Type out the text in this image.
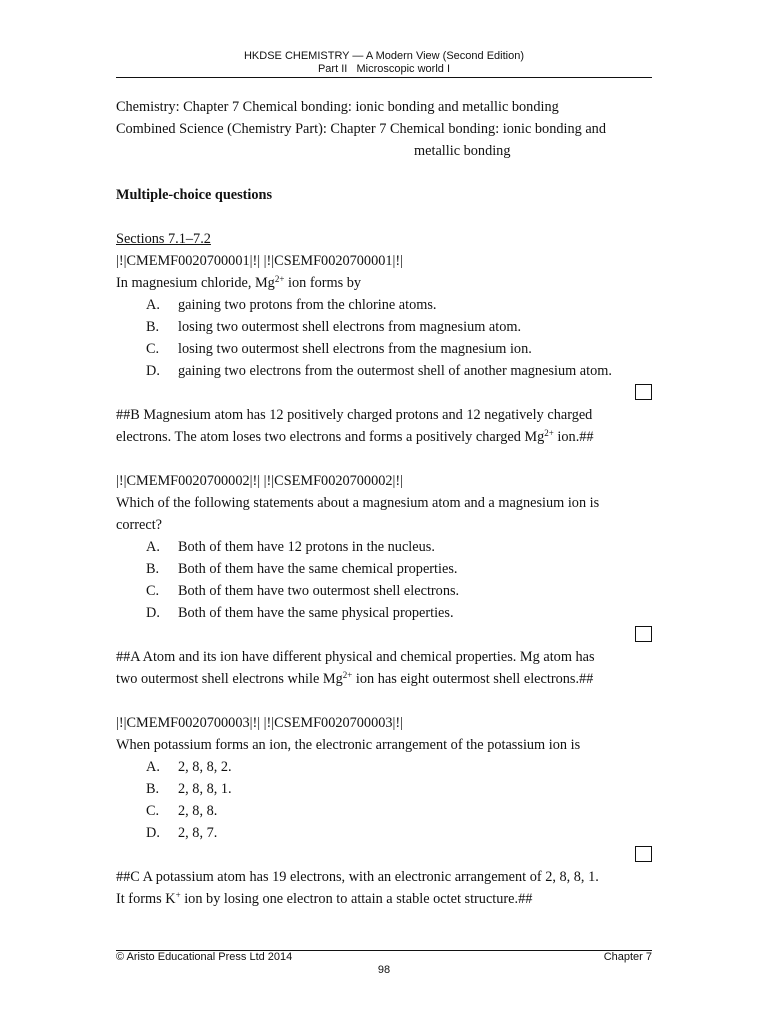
HKDSE CHEMISTRY — A Modern View (Second Edition)
Part II   Microscopic world I
Chemistry: Chapter 7 Chemical bonding: ionic bonding and metallic bonding
Combined Science (Chemistry Part): Chapter 7 Chemical bonding: ionic bonding and
metallic bonding
Multiple-choice questions
Sections 7.1–7.2
|!|CMEMF0020700001|!| |!|CSEMF0020700001|!|
In magnesium chloride, $Mg^{2+}$ ion forms by
A.	gaining two protons from the chlorine atoms.
B.	losing two outermost shell electrons from magnesium atom.
C.	losing two outermost shell electrons from the magnesium ion.
D.	gaining two electrons from the outermost shell of another magnesium atom.
##B Magnesium atom has 12 positively charged protons and 12 negatively charged
electrons. The atom loses two electrons and forms a positively charged $Mg^{2+}$ ion.##
|!|CMEMF0020700002|!| |!|CSEMF0020700002|!|
Which of the following statements about a magnesium atom and a magnesium ion is
correct?
A.	Both of them have 12 protons in the nucleus.
B.	Both of them have the same chemical properties.
C.	Both of them have two outermost shell electrons.
D.	Both of them have the same physical properties.
##A Atom and its ion have different physical and chemical properties. Mg atom has
two outermost shell electrons while $Mg^{2+}$ ion has eight outermost shell electrons.##
|!|CMEMF0020700003|!| |!|CSEMF0020700003|!|
When potassium forms an ion, the electronic arrangement of the potassium ion is
A.	2, 8, 8, 2.
B.	2, 8, 8, 1.
C.	2, 8, 8.
D.	2, 8, 7.
##C A potassium atom has 19 electrons, with an electronic arrangement of 2, 8, 8, 1.
It forms K+ ion by losing one electron to attain a stable octet structure.##
© Aristo Educational Press Ltd 2014	Chapter 7
98
